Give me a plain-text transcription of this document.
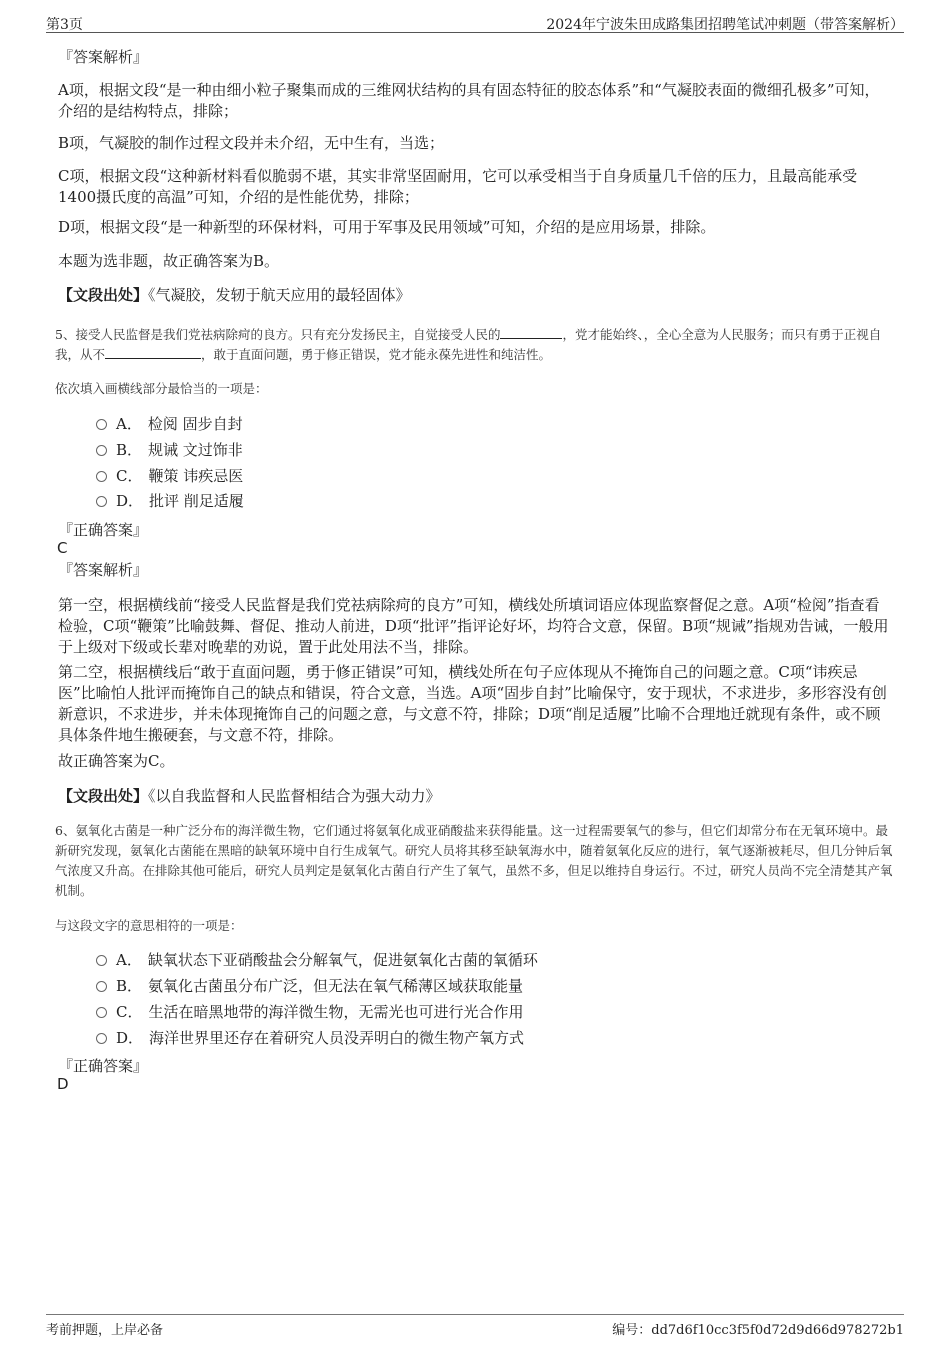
第3页	2024年宁波朱田成路集团招聘笔试冲刺题（带答案解析）
『答案解析』

A项，根据文段“是一种由细小粒子聚集而成的三维网状结构的具有固态特征的胶态体系”和“气凝胶表面的微细孔极多”可知，介绍的是结构特点，排除；

B项，气凝胶的制作过程文段并未介绍，无中生有，当选；

C项，根据文段“这种新材料看似脆弱不堪，其实非常坚固耐用，它可以承受相当于自身质量几千倍的压力，且最高能承受1400摄氏度的高温”可知，介绍的是性能优势，排除；

D项，根据文段“是一种新型的环保材料，可用于军事及民用领域”可知，介绍的是应用场景，排除。

本题为选非题，故正确答案为B。

【文段出处】《气凝胶，发轫于航天应用的最轻固体》

5、接受人民监督是我们党祛病除疴的良方。只有充分发扬民主，自觉接受人民的	，党才能始终、，全心全意为人民服务；而只有勇于正视自我，从不	，敢于直面问题，勇于修正错误，党才能永葆先进性和纯洁性。

依次填入画横线部分最恰当的一项是：

A． 检阅 固步自封
B． 规诫 文过饰非
C． 鞭策 讳疾忌医
D． 批评 削足适履
『正确答案』
C
『答案解析』

第一空，根据横线前“接受人民监督是我们党祛病除疴的良方”可知，横线处所填词语应体现监察督促之意。A项“检阅”指查看检验，C项“鞭策”比喻鼓舞、督促、推动人前进，D项“批评”指评论好坏，均符合文意，保留。B项“规诫”指规劝告诫，一般用于上级对下级或长辈对晚辈的劝说，置于此处用法不当，排除。

第二空，根据横线后“敢于直面问题，勇于修正错误”可知，横线处所在句子应体现从不掩饰自己的问题之意。C项“讳疾忌医”比喻怕人批评而掩饰自己的缺点和错误，符合文意，当选。A项“固步自封”比喻保守，安于现状，不求进步，多形容没有创新意识，不求进步，并未体现掩饰自己的问题之意，与文意不符，排除；D项“削足适履”比喻不合理地迁就现有条件，或不顾具体条件地生搬硬套，与文意不符，排除。

故正确答案为C。

【文段出处】《以自我监督和人民监督相结合为强大动力》

6、氨氧化古菌是一种广泛分布的海洋微生物，它们通过将氨氧化成亚硝酸盐来获得能量。这一过程需要氧气的参与，但它们却常分布在无氧环境中。最新研究发现，氨氧化古菌能在黑暗的缺氧环境中自行生成氧气。研究人员将其移至缺氧海水中，随着氨氧化反应的进行，氧气逐渐被耗尽，但几分钟后氧气浓度又升高。在排除其他可能后，研究人员判定是氨氧化古菌自行产生了氧气，虽然不多，但足以维持自身运行。不过，研究人员尚不完全清楚其产氧机制。

与这段文字的意思相符的一项是：

A． 缺氧状态下亚硝酸盐会分解氧气，促进氨氧化古菌的氧循环
B． 氨氧化古菌虽分布广泛，但无法在氧气稀薄区域获取能量
C． 生活在暗黑地带的海洋微生物，无需光也可进行光合作用
D． 海洋世界里还存在着研究人员没弄明白的微生物产氧方式
『正确答案』
D
考前押题，上岸必备	编号：dd7d6f10cc3f5f0d72d9d66d978272b1
